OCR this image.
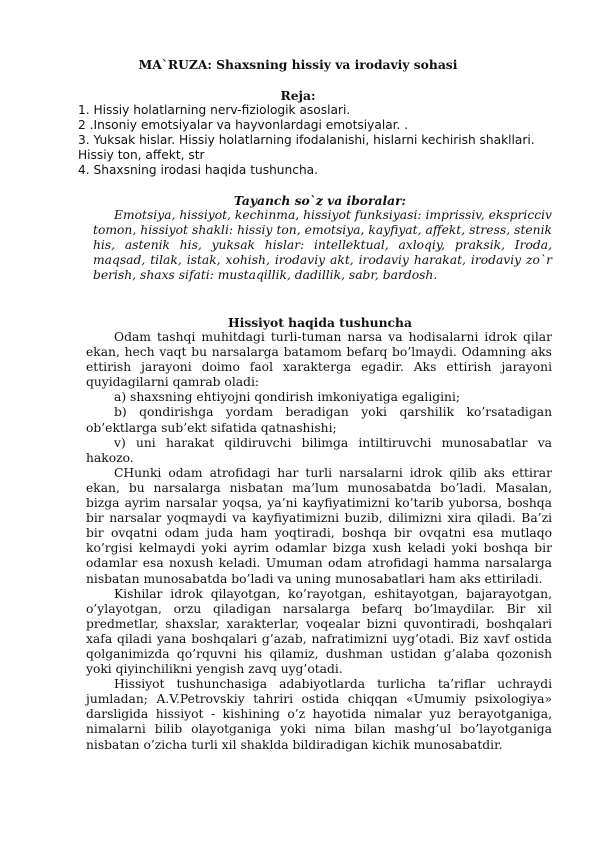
MA`RUZA: Shaxsning hissiy va irodaviy sohasi
Reja:
1. Hissiy holatlarning nerv-fiziologik asoslari.
2 .Insoniy emotsiyalar va hayvonlardagi emotsiyalar. .
3. Yuksak hislar. Hissiy holatlarning ifodalanishi, hislarni kechirish shakllari. Hissiy ton, affekt, str
4. Shaxsning irodasi haqida tushuncha.
Tayanch so`z va iboralar:
Emotsiya, hissiyot, kechinma, hissiyot funksiyasi: imprissiv, ekspriссiv tomon, hissiyot shakli: hissiy ton, emotsiya, kayfiyat, affekt, stress, stenik his, astenik his, yuksak hislar: intellektual, axloqiy, praksik, Iroda, maqsad, tilak, istak, xohish, irodaviy akt, irodaviy harakat, irodaviy zo`r berish, shaxs sifati: mustaqillik, dadillik, sabr, bardosh.
Hissiyot haqida tushuncha

Odam tashqi muhitdagi turli-tuman narsa va hodisalarni idrok qilar ekan, hech vaqt bu narsalarga batamom befarq bo’lmaydi. Odamning aks ettirish jarayoni doimo faol xarakterga egadir. Aks ettirish jarayoni quyidagilarni qamrab oladi:

a) shaxsning ehtiyojni qondirish imkoniyatiga egaligini;

b) qondirishga yordam beradigan yoki qarshilik ko’rsatadigan ob’ektlarga sub’ekt sifatida qatnashishi;

v) uni harakat qildiruvchi bilimga intiltiruvchi munosabatlar va hakozo.

CHunki odam atrofidagi har turli narsalarni idrok qilib aks ettirar ekan, bu narsalarga nisbatan ma’lum munosabatda bo’ladi. Masalan, bizga ayrim narsalar yoqsa, ya’ni kayfiyatimizni ko’tarib yuborsa, boshqa bir narsalar yoqmaydi va kayfiyatimizni buzib, dilimizni xira qiladi. Ba’zi bir ovqatni odam juda ham yoqtiradi, boshqa bir ovqatni esa mutlaqo ko’rgisi kelmaydi yoki ayrim odamlar bizga xush keladi yoki boshqa bir odamlar esa noxush keladi. Umuman odam atrofidagi hamma narsalarga nisbatan munosabatda bo’ladi va uning munosabatlari ham aks ettiriladi.

Kishilar idrok qilayotgan, ko’rayotgan, eshitayotgan, bajarayotgan, o’ylayotgan, orzu qiladigan narsalarga befarq bo’lmaydilar. Bir xil predmetlar, shaxslar, xarakterlar, voqealar bizni quvontiradi, boshqalari xafa qiladi yana boshqalari g’azab, nafratimizni uyg’otadi. Biz xavf ostida qolganimizda qo’rquvni his qilamiz, dushman ustidan g’alaba qozonish yoki qiyinchilikni yengish zavq uyg’otadi.

Hissiyot tushunchasiga adabiyotlarda turlicha ta’riflar uchraydi jumladan; A.V.Petrovskiy tahriri ostida chiqqan «Umumiy psixologiya» darsligida hissiyot - kishining o’z hayotida nimalar yuz berayotganiga, nimalarni bilib olayotganiga yoki nima bilan mashg’ul bo’layotganiga nisbatan o’zicha turli xil shaklda bildiradigan kichik munosabatdir.
